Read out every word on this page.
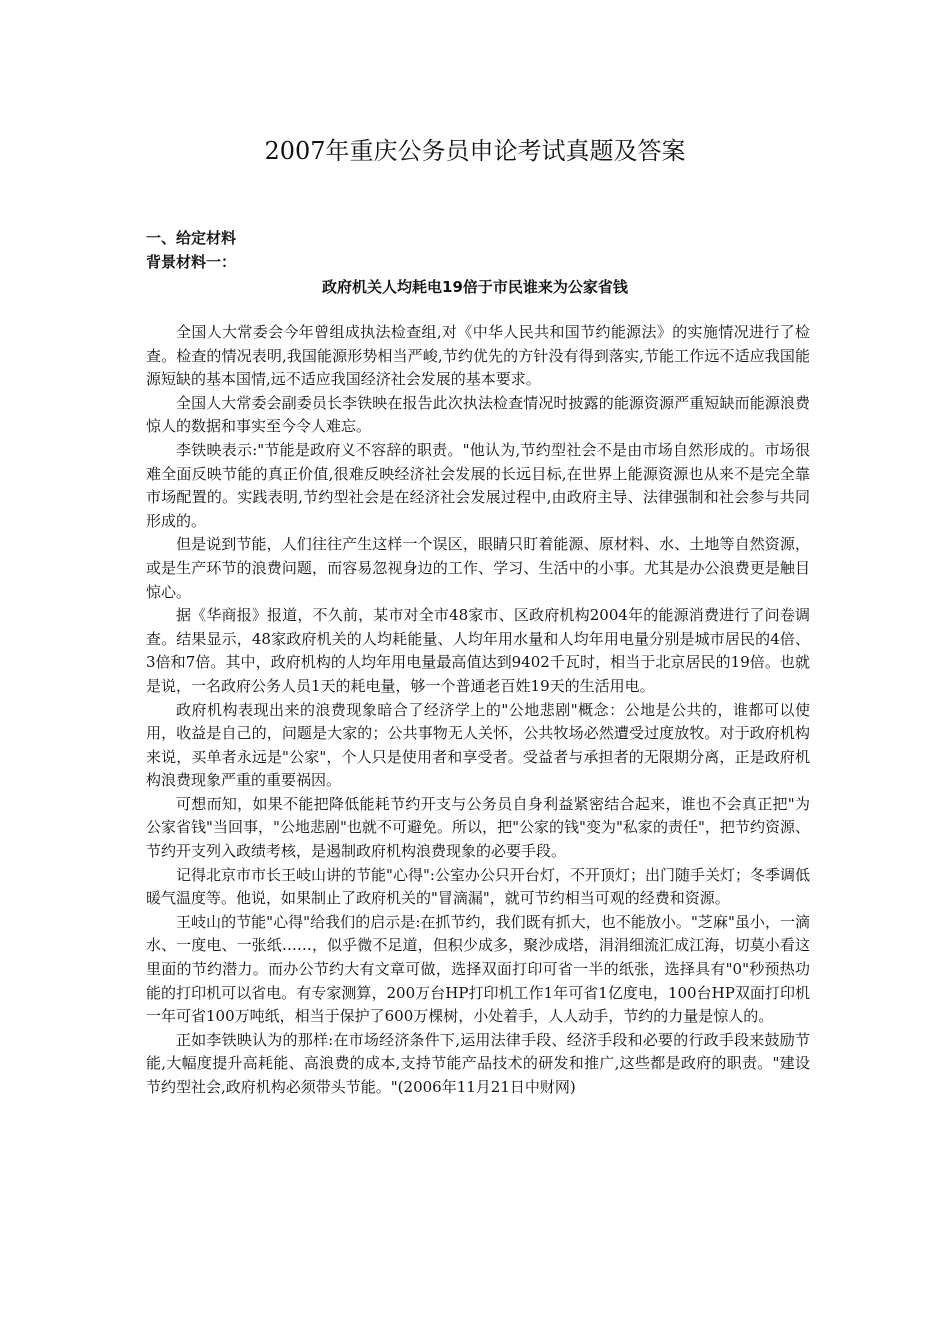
2007年重庆公务员申论考试真题及答案

一、给定材料

背景材料一：

政府机关人均耗电19倍于市民谁来为公家省钱

全国人大常委会今年曾组成执法检查组,对《中华人民共和国节约能源法》的实施情况进行了检查。检查的情况表明,我国能源形势相当严峻,节约优先的方针没有得到落实,节能工作远不适应我国能源短缺的基本国情,远不适应我国经济社会发展的基本要求。

全国人大常委会副委员长李铁映在报告此次执法检查情况时披露的能源资源严重短缺而能源浪费惊人的数据和事实至今令人难忘。

李铁映表示:"节能是政府义不容辞的职责。"他认为,节约型社会不是由市场自然形成的。市场很难全面反映节能的真正价值,很难反映经济社会发展的长远目标,在世界上能源资源也从来不是完全靠市场配置的。实践表明,节约型社会是在经济社会发展过程中,由政府主导、法律强制和社会参与共同形成的。

但是说到节能，人们往往产生这样一个误区，眼睛只盯着能源、原材料、水、土地等自然资源，或是生产环节的浪费问题，而容易忽视身边的工作、学习、生活中的小事。尤其是办公浪费更是触目惊心。

据《华商报》报道，不久前，某市对全市48家市、区政府机构2004年的能源消费进行了问卷调查。结果显示，48家政府机关的人均耗能量、人均年用水量和人均年用电量分别是城市居民的4倍、3倍和7倍。其中，政府机构的人均年用电量最高值达到9402千瓦时，相当于北京居民的19倍。也就是说，一名政府公务人员1天的耗电量，够一个普通老百姓19天的生活用电。

政府机构表现出来的浪费现象暗合了经济学上的"公地悲剧"概念：公地是公共的，谁都可以使用，收益是自己的，问题是大家的；公共事物无人关怀，公共牧场必然遭受过度放牧。对于政府机构来说，买单者永远是"公家"，个人只是使用者和享受者。受益者与承担者的无限期分离，正是政府机构浪费现象严重的重要祸因。

可想而知，如果不能把降低能耗节约开支与公务员自身利益紧密结合起来，谁也不会真正把"为公家省钱"当回事，"公地悲剧"也就不可避免。所以，把"公家的钱"变为"私家的责任"，把节约资源、节约开支列入政绩考核，是遏制政府机构浪费现象的必要手段。

记得北京市市长王岐山讲的节能"心得":公室办公只开台灯，不开顶灯；出门随手关灯；冬季调低暖气温度等。他说，如果制止了政府机关的"冒滴漏"，就可节约相当可观的经费和资源。

王岐山的节能"心得"给我们的启示是:在抓节约，我们既有抓大，也不能放小。"芝麻"虽小，一滴水、一度电、一张纸……，似乎微不足道，但积少成多，聚沙成塔，涓涓细流汇成江海，切莫小看这里面的节约潜力。而办公节约大有文章可做，选择双面打印可省一半的纸张，选择具有"0"秒预热功能的打印机可以省电。有专家测算，200万台HP打印机工作1年可省1亿度电，100台HP双面打印机一年可省100万吨纸，相当于保护了600万棵树，小处着手，人人动手，节约的力量是惊人的。

正如李铁映认为的那样:在市场经济条件下,运用法律手段、经济手段和必要的行政手段来鼓励节能,大幅度提升高耗能、高浪费的成本,支持节能产品技术的研发和推广,这些都是政府的职责。"建设节约型社会,政府机构必须带头节能。"(2006年11月21日中财网)
